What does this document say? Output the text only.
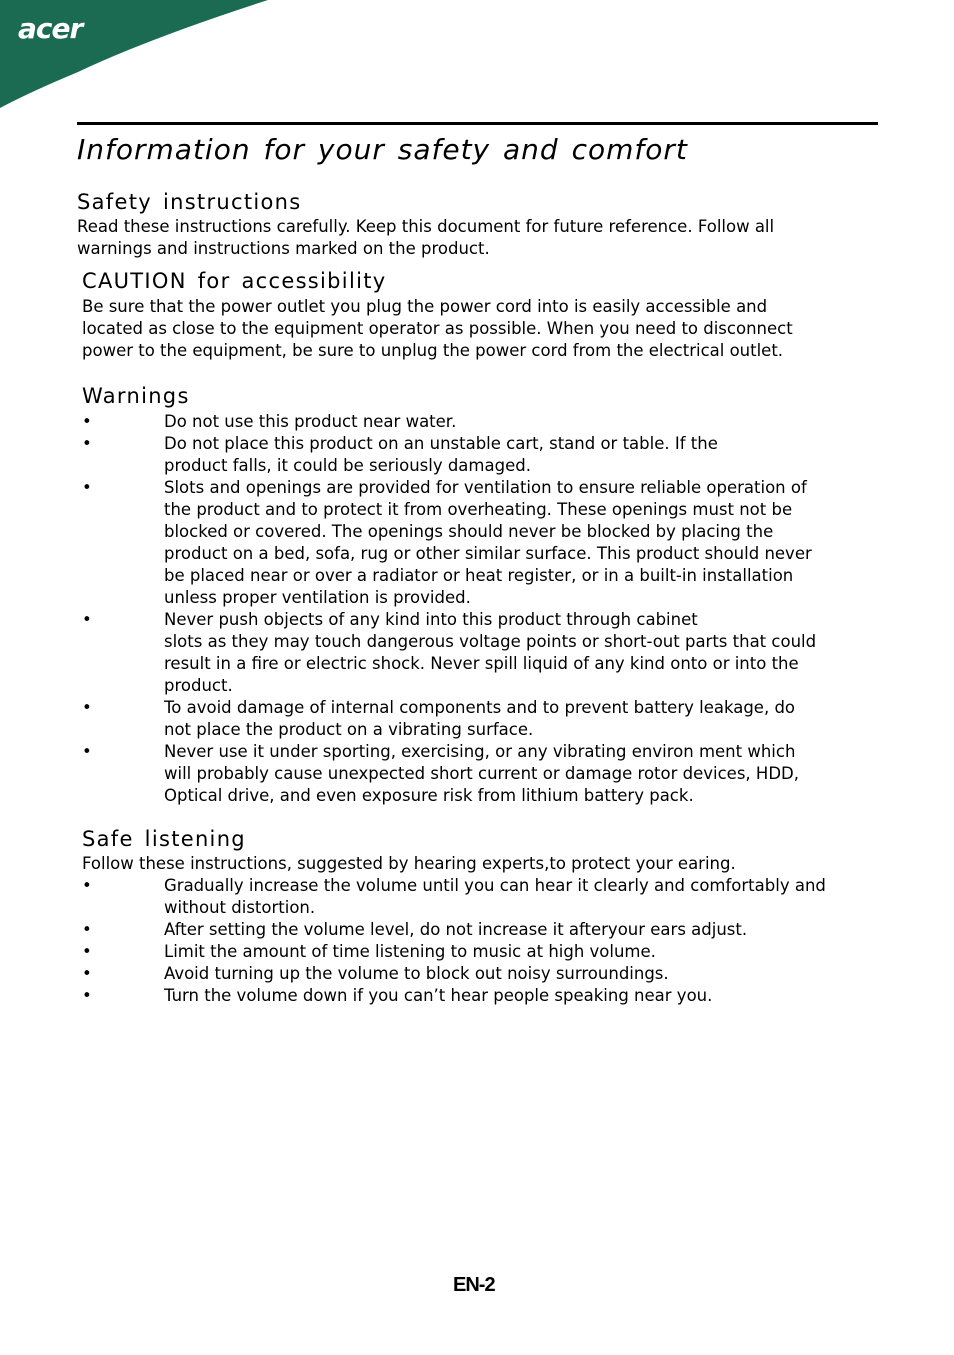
acer
Information for your safety and comfort
Safety instructions
Read these instructions carefully. Keep this document for future reference. Follow all
warnings and instructions marked on the product.
CAUTION for accessibility
Be sure that the power outlet you plug the power cord into is easily accessible and
located as close to the equipment operator as possible. When you need to disconnect
power to the equipment, be sure to unplug the power cord from the electrical outlet.
Warnings
• Do not use this product near water.
• Do not place this product on an unstable cart, stand or table. If the
product falls, it could be seriously damaged.
• Slots and openings are provided for ventilation to ensure reliable operation of
the product and to protect it from overheating. These openings must not be
blocked or covered. The openings should never be blocked by placing the
product on a bed, sofa, rug or other similar surface. This product should never
be placed near or over a radiator or heat register, or in a built-in installation
unless proper ventilation is provided.
• Never push objects of any kind into this product through cabinet
slots as they may touch dangerous voltage points or short-out parts that could
result in a fire or electric shock. Never spill liquid of any kind onto or into the
product.
• To avoid damage of internal components and to prevent battery leakage, do
not place the product on a vibrating surface.
• Never use it under sporting, exercising, or any vibrating environ ment which
will probably cause unexpected short current or damage rotor devices, HDD,
Optical drive, and even exposure risk from lithium battery pack.
Safe listening
Follow these instructions, suggested by hearing experts,to protect your earing.
• Gradually increase the volume until you can hear it clearly and comfortably and
without distortion.
• After setting the volume level, do not increase it afteryour ears adjust.
• Limit the amount of time listening to music at high volume.
• Avoid turning up the volume to block out noisy surroundings.
• Turn the volume down if you can’t hear people speaking near you.
EN-2
